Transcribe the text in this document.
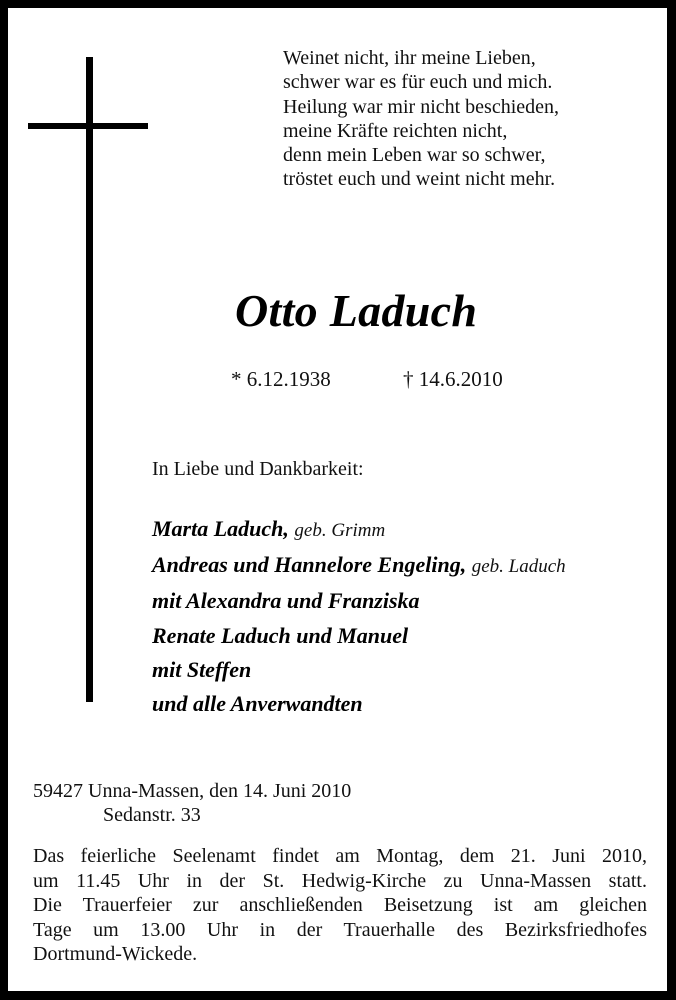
Weinet nicht, ihr meine Lieben,
schwer war es für euch und mich.
Heilung war mir nicht beschieden,
meine Kräfte reichten nicht,
denn mein Leben war so schwer,
tröstet euch und weint nicht mehr.
Otto Laduch
* 6.12.1938	† 14.6.2010
In Liebe und Dankbarkeit:
Marta Laduch, geb. Grimm
Andreas und Hannelore Engeling, geb. Laduch
mit Alexandra und Franziska
Renate Laduch und Manuel
mit Steffen
und alle Anverwandten
59427 Unna-Massen, den 14. Juni 2010
Sedanstr. 33
Das feierliche Seelenamt findet am Montag, dem 21. Juni 2010,
um 11.45 Uhr in der St. Hedwig-Kirche zu Unna-Massen statt.
Die Trauerfeier zur anschließenden Beisetzung ist am gleichen
Tage um 13.00 Uhr in der Trauerhalle des Bezirksfriedhofes
Dortmund-Wickede.
